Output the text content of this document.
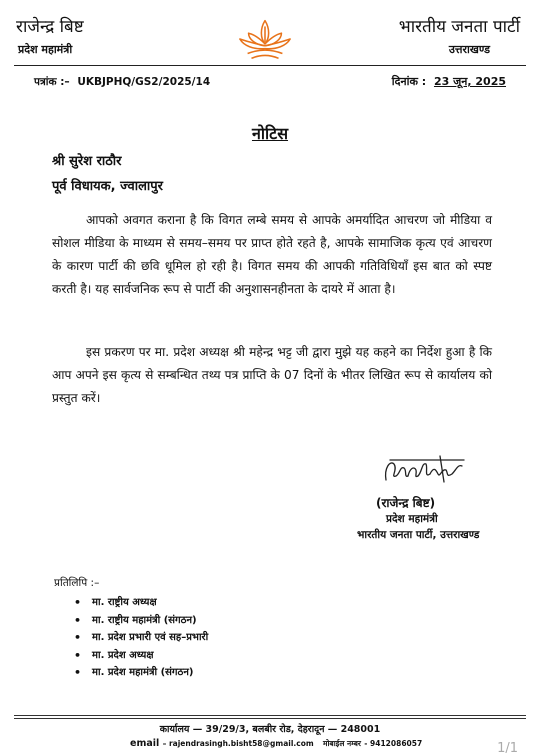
राजेन्द्र बिष्ट
प्रदेश महामंत्री
भारतीय जनता पार्टी
उत्तराखण्ड
पत्रांक :– UKBJPHQ/GS2/2025/14	दिनांक : 23 जून, 2025
नोटिस
श्री सुरेश राठौर
पूर्व विधायक, ज्वालापुर
आपको अवगत कराना है कि विगत लम्बे समय से आपके अमर्यादित आचरण जो मीडिया व सोशल मीडिया के माध्यम से समय–समय पर प्राप्त होते रहते है, आपके सामाजिक कृत्य एवं आचरण के कारण पार्टी की छवि धूमिल हो रही है। विगत समय की आपकी गतिविधियाँ इस बात को स्पष्ट करती है। यह सार्वजनिक रूप से पार्टी की अनुशासनहीनता के दायरे में आता है।
इस प्रकरण पर मा. प्रदेश अध्यक्ष श्री महेन्द्र भट्ट जी द्वारा मुझे यह कहने का निर्देश हुआ है कि आप अपने इस कृत्य से सम्बन्धित तथ्य पत्र प्राप्ति के 07 दिनों के भीतर लिखित रूप से कार्यालय को प्रस्तुत करें।
(राजेन्द्र बिष्ट)
प्रदेश महामंत्री
भारतीय जनता पार्टी, उत्तराखण्ड
प्रतिलिपि :–
• मा. राष्ट्रीय अध्यक्ष
• मा. राष्ट्रीय महामंत्री (संगठन)
• मा. प्रदेश प्रभारी एवं सह–प्रभारी
• मा. प्रदेश अध्यक्ष
• मा. प्रदेश महामंत्री (संगठन)
कार्यालय — 39/29/3, बलबीर रोड, देहरादून — 248001
email – rajendrasingh.bisht58@gmail.com मोबाईल नम्बर - 9412086057	1/1
